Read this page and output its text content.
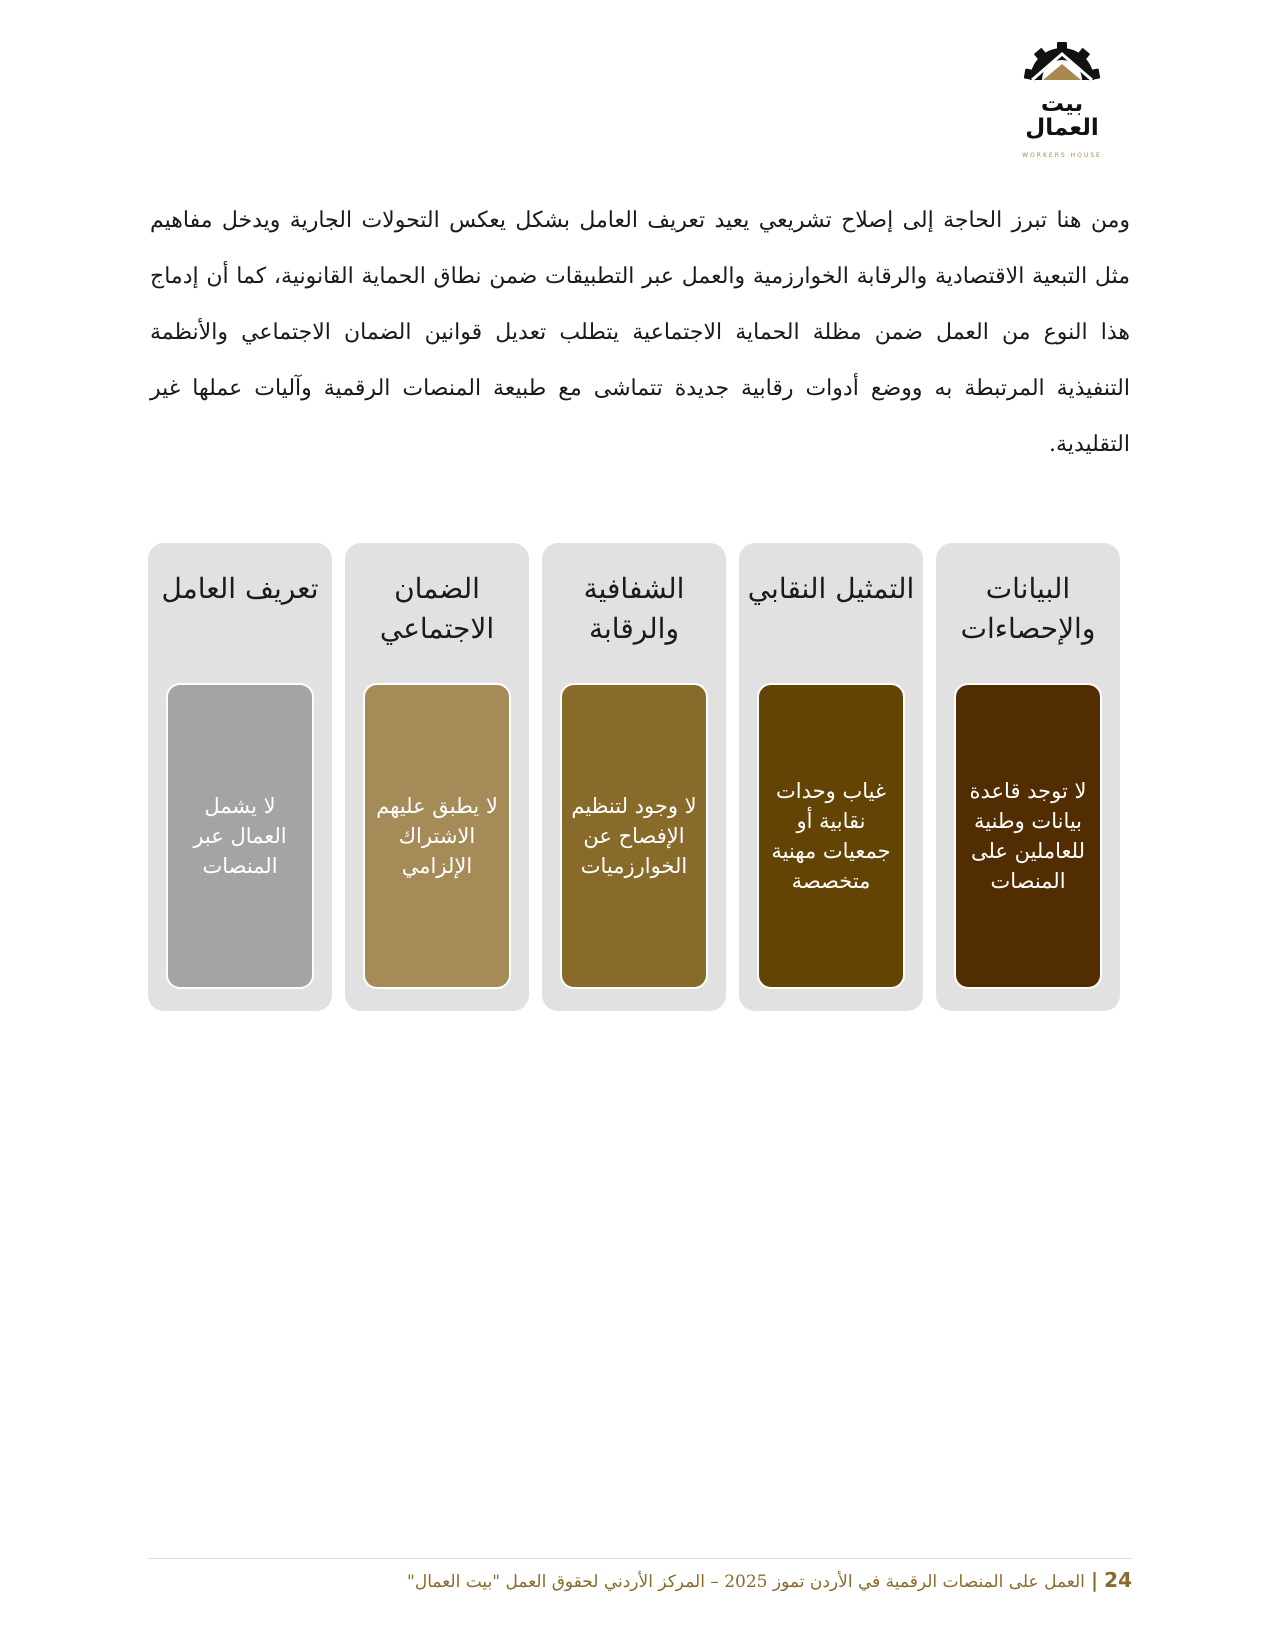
بيت العمال
WORKERS HOUSE

ومن هنا تبرز الحاجة إلى إصلاح تشريعي يعيد تعريف العامل بشكل يعكس التحولات الجارية ويدخل مفاهيم مثل التبعية الاقتصادية والرقابة الخوارزمية والعمل عبر التطبيقات ضمن نطاق الحماية القانونية، كما أن إدماج هذا النوع من العمل ضمن مظلة الحماية الاجتماعية يتطلب تعديل قوانين الضمان الاجتماعي والأنظمة التنفيذية المرتبطة به ووضع أدوات رقابية جديدة تتماشى مع طبيعة المنصات الرقمية وآليات عملها غير التقليدية.

تعريف العامل
لا يشمل العمال عبر المنصات
الضمان الاجتماعي
لا يطبق عليهم الاشتراك الإلزامي
الشفافية والرقابة
لا وجود لتنظيم الإفصاح عن الخوارزميات
التمثيل النقابي
غياب وحدات نقابية أو جمعيات مهنية متخصصة
البيانات والإحصاءات
لا توجد قاعدة بيانات وطنية للعاملين على المنصات
24|العمل على المنصات الرقمية في الأردن تموز 2025 – المركز الأردني لحقوق العمل "بيت العمال"
